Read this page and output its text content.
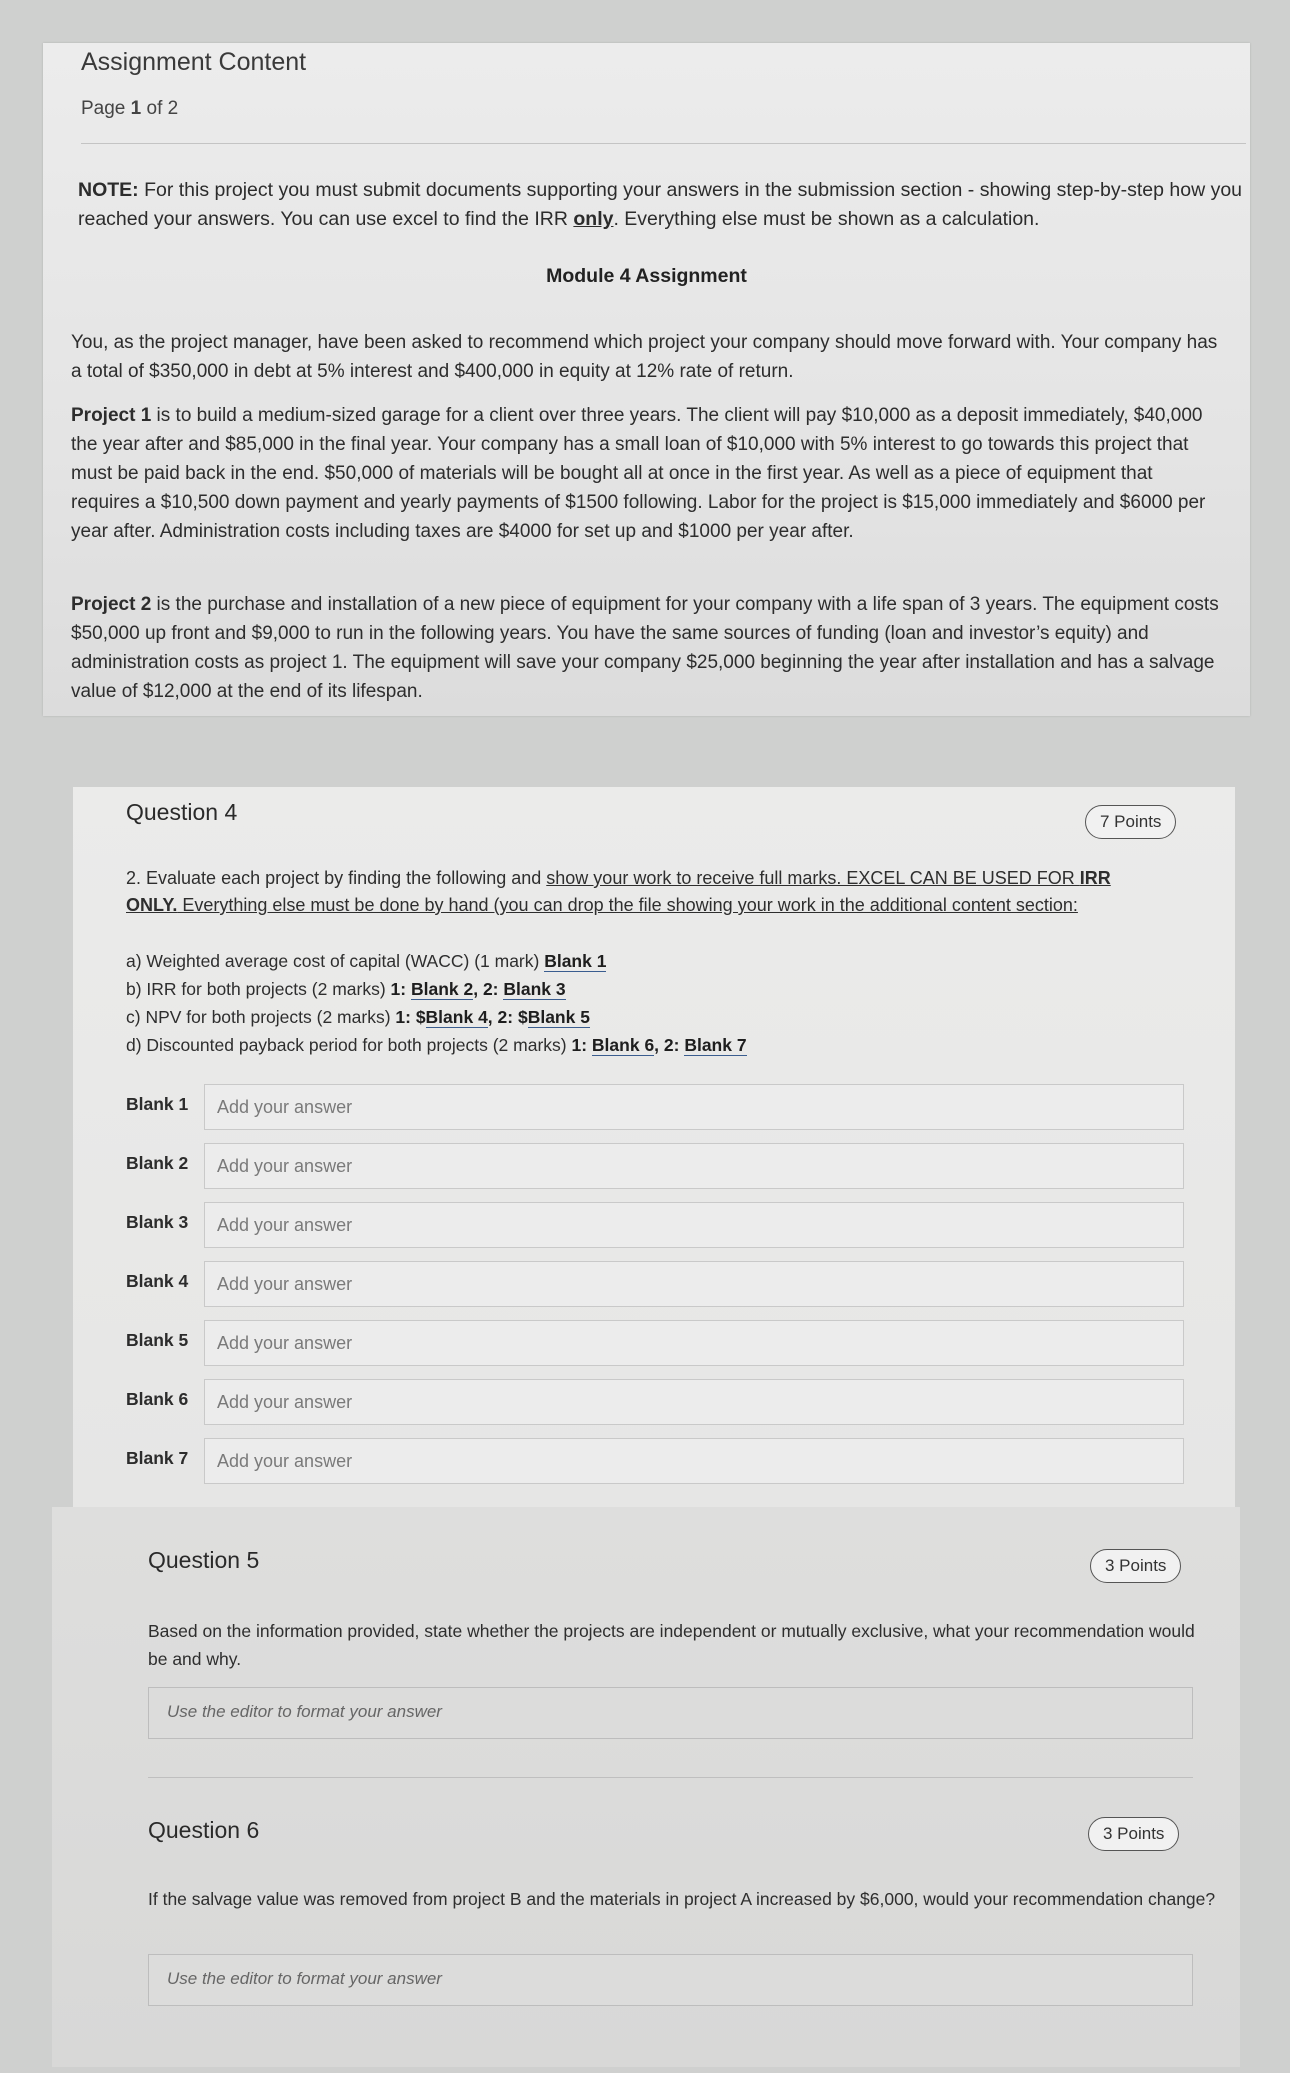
Assignment Content
Page 1 of 2
NOTE: For this project you must submit documents supporting your answers in the submission section - showing step-by-step how you reached your answers. You can use excel to find the IRR only. Everything else must be shown as a calculation.
Module 4 Assignment
You, as the project manager, have been asked to recommend which project your company should move forward with. Your company has a total of $350,000 in debt at 5% interest and $400,000 in equity at 12% rate of return.
Project 1 is to build a medium-sized garage for a client over three years. The client will pay $10,000 as a deposit immediately, $40,000 the year after and $85,000 in the final year. Your company has a small loan of $10,000 with 5% interest to go towards this project that must be paid back in the end. $50,000 of materials will be bought all at once in the first year. As well as a piece of equipment that requires a $10,500 down payment and yearly payments of $1500 following. Labor for the project is $15,000 immediately and $6000 per year after. Administration costs including taxes are $4000 for set up and $1000 per year after.
Project 2 is the purchase and installation of a new piece of equipment for your company with a life span of 3 years. The equipment costs $50,000 up front and $9,000 to run in the following years. You have the same sources of funding (loan and investor’s equity) and administration costs as project 1. The equipment will save your company $25,000 beginning the year after installation and has a salvage value of $12,000 at the end of its lifespan.
Question 4	7 Points
2. Evaluate each project by finding the following and show your work to receive full marks. EXCEL CAN BE USED FOR IRR ONLY. Everything else must be done by hand (you can drop the file showing your work in the additional content section:
a) Weighted average cost of capital (WACC) (1 mark) Blank 1
b) IRR for both projects (2 marks) 1: Blank 2, 2: Blank 3
c) NPV for both projects (2 marks) 1: $Blank 4, 2: $Blank 5
d) Discounted payback period for both projects (2 marks) 1: Blank 6, 2: Blank 7
Blank 1
Add your answer
Blank 2
Add your answer
Blank 3
Add your answer
Blank 4
Add your answer
Blank 5
Add your answer
Blank 6
Add your answer
Blank 7
Add your answer
Question 5	3 Points
Based on the information provided, state whether the projects are independent or mutually exclusive, what your recommendation would be and why.
Use the editor to format your answer
Question 6	3 Points
If the salvage value was removed from project B and the materials in project A increased by $6,000, would your recommendation change?
Use the editor to format your answer
